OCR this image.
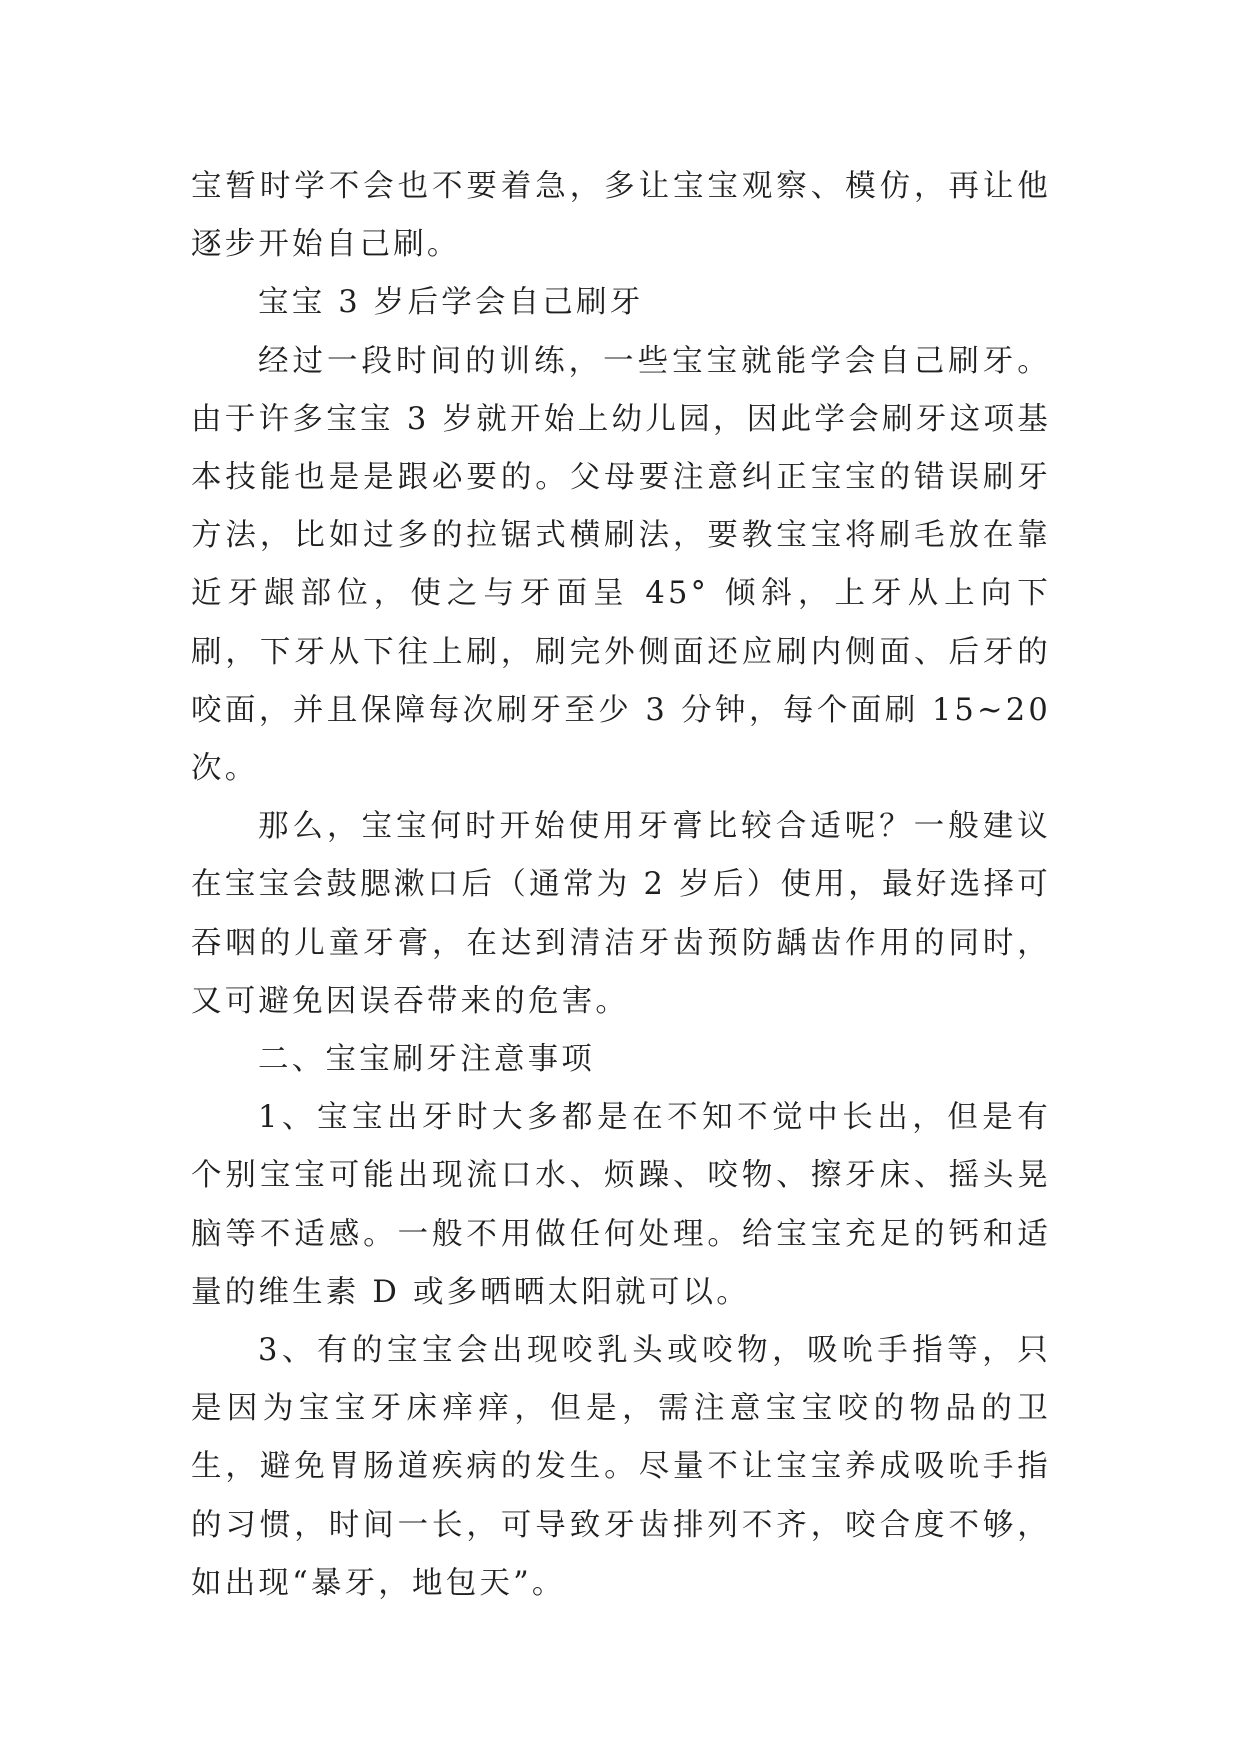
宝暂时学不会也不要着急，多让宝宝观察、模仿，再让他逐步开始自己刷。

宝宝 3 岁后学会自己刷牙

经过一段时间的训练，一些宝宝就能学会自己刷牙。由于许多宝宝 3 岁就开始上幼儿园，因此学会刷牙这项基本技能也是是跟必要的。父母要注意纠正宝宝的错误刷牙方法，比如过多的拉锯式横刷法，要教宝宝将刷毛放在靠近牙龈部位，使之与牙面呈 45° 倾斜，上牙从上向下刷，下牙从下往上刷，刷完外侧面还应刷内侧面、后牙的咬面，并且保障每次刷牙至少 3 分钟，每个面刷 15~20 次。

那么，宝宝何时开始使用牙膏比较合适呢？一般建议在宝宝会鼓腮漱口后（通常为 2 岁后）使用，最好选择可吞咽的儿童牙膏，在达到清洁牙齿预防龋齿作用的同时，又可避免因误吞带来的危害。

二、宝宝刷牙注意事项

1、宝宝出牙时大多都是在不知不觉中长出，但是有个别宝宝可能出现流口水、烦躁、咬物、擦牙床、摇头晃脑等不适感。一般不用做任何处理。给宝宝充足的钙和适量的维生素 D 或多晒晒太阳就可以。

3、有的宝宝会出现咬乳头或咬物，吸吮手指等，只是因为宝宝牙床痒痒，但是，需注意宝宝咬的物品的卫生，避免胃肠道疾病的发生。尽量不让宝宝养成吸吮手指的习惯，时间一长，可导致牙齿排列不齐，咬合度不够，如出现“暴牙，地包天”。
